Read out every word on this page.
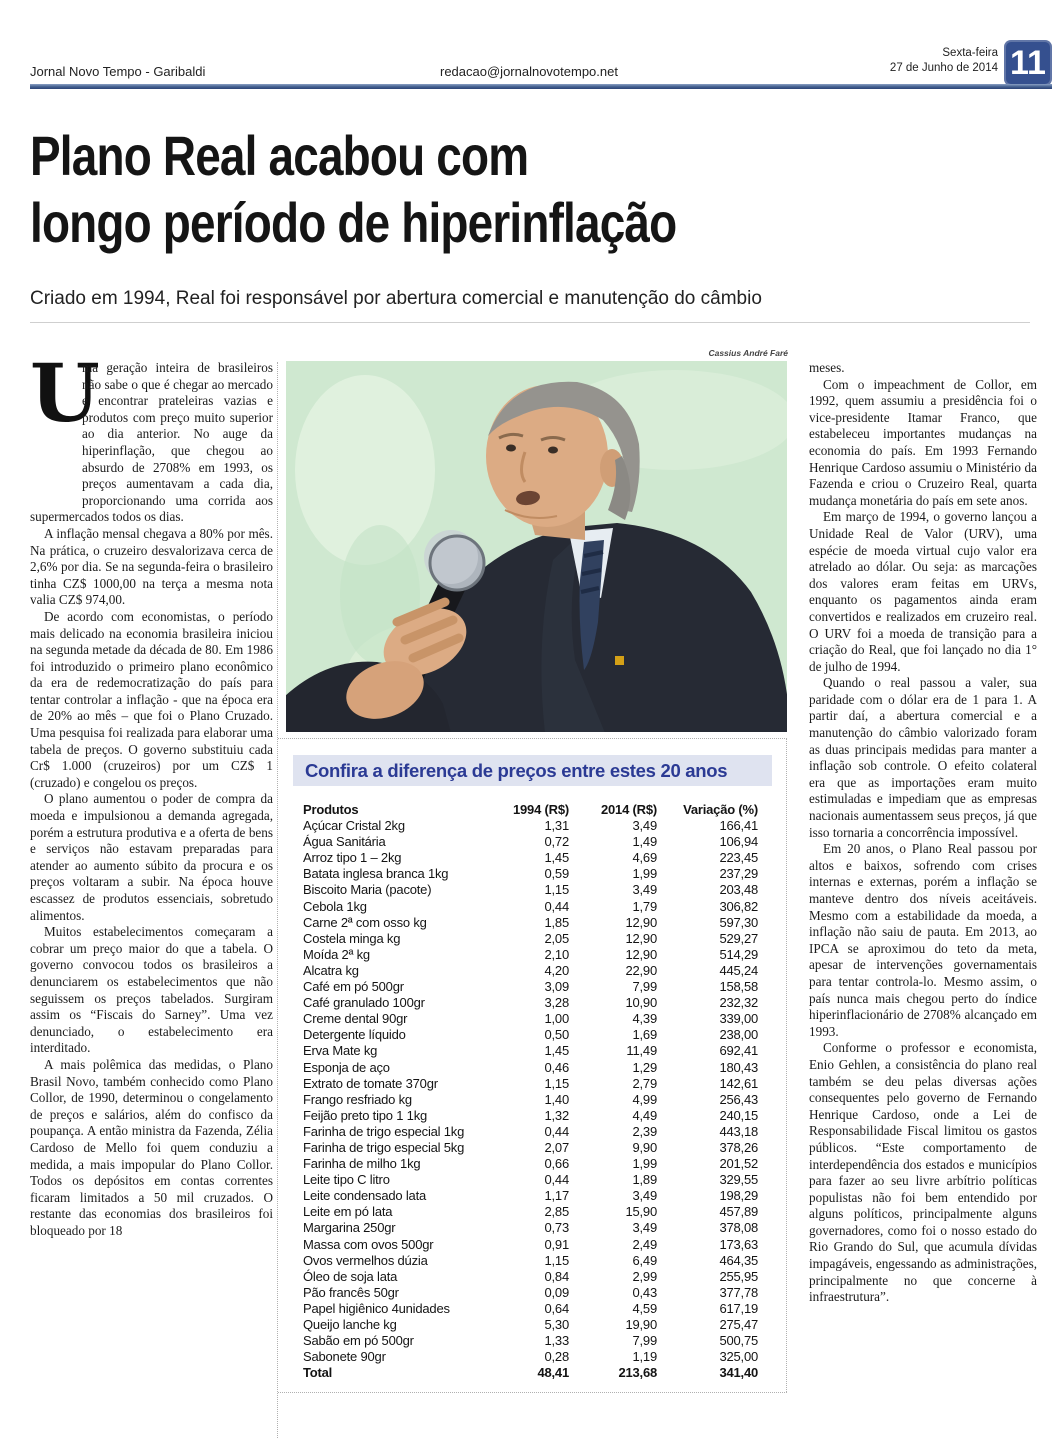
Jornal Novo Tempo - Garibaldi	redacao@jornalnovotempo.net
Sexta-feira
27 de Junho de 2014 11
Plano Real acabou com
longo período de hiperinflação
Criado em 1994, Real foi responsável por abertura comercial e manutenção do câmbio

U
ma geração inteira de brasileiros não sabe o que é chegar ao mercado e encontrar prateleiras vazias e produtos com preço muito superior ao dia anterior. No auge da hiperinflação, que chegou ao absurdo de 2708% em 1993, os preços aumentavam a cada dia, proporcionando uma corrida aos supermercados todos os dias.

A inflação mensal chegava a 80% por mês. Na prática, o cruzeiro desvalorizava cerca de 2,6% por dia. Se na segunda-feira o brasileiro tinha CZ$ 1000,00 na terça a mesma nota valia CZ$ 974,00.

De acordo com economistas, o período mais delicado na economia brasileira iniciou na segunda metade da década de 80. Em 1986 foi introduzido o primeiro plano econômico da era de redemocratização do país para tentar controlar a inflação - que na época era de 20% ao mês – que foi o Plano Cruzado. Uma pesquisa foi realizada para elaborar uma tabela de preços. O governo substituiu cada Cr$ 1.000 (cruzeiros) por um CZ$ 1 (cruzado) e congelou os preços.

O plano aumentou o poder de compra da moeda e impulsionou a demanda agregada, porém a estrutura produtiva e a oferta de bens e serviços não estavam preparadas para atender ao aumento súbito da procura e os preços voltaram a subir. Na época houve escassez de produtos essenciais, sobretudo alimentos.

Muitos estabelecimentos começaram a cobrar um preço maior do que a tabela. O governo convocou todos os brasileiros a denunciarem os estabelecimentos que não seguissem os preços tabelados. Surgiram assim os “Fiscais do Sarney”. Uma vez denunciado, o estabelecimento era interditado.

A mais polêmica das medidas, o Plano Brasil Novo, também conhecido como Plano Collor, de 1990, determinou o congelamento de preços e salários, além do confisco da poupança. A então ministra da Fazenda, Zélia Cardoso de Mello foi quem conduziu a medida, a mais impopular do Plano Collor. Todos os depósitos em contas correntes ficaram limitados a 50 mil cruzados. O restante das economias dos brasileiros foi bloqueado por 18

meses.

Com o impeachment de Collor, em 1992, quem assumiu a presidência foi o vice-presidente Itamar Franco, que estabeleceu importantes mudanças na economia do país. Em 1993 Fernando Henrique Cardoso assumiu o Ministério da Fazenda e criou o Cruzeiro Real, quarta mudança monetária do país em sete anos.

Em março de 1994, o governo lançou a Unidade Real de Valor (URV), uma espécie de moeda virtual cujo valor era atrelado ao dólar. Ou seja: as marcações dos valores eram feitas em URVs, enquanto os pagamentos ainda eram convertidos e realizados em cruzeiro real. O URV foi a moeda de transição para a criação do Real, que foi lançado no dia 1° de julho de 1994.

Quando o real passou a valer, sua paridade com o dólar era de 1 para 1. A partir daí, a abertura comercial e a manutenção do câmbio valorizado foram as duas principais medidas para manter a inflação sob controle. O efeito colateral era que as importações eram muito estimuladas e impediam que as empresas nacionais aumentassem seus preços, já que isso tornaria a concorrência impossível.

Em 20 anos, o Plano Real passou por altos e baixos, sofrendo com crises internas e externas, porém a inflação se manteve dentro dos níveis aceitáveis. Mesmo com a estabilidade da moeda, a inflação não saiu de pauta. Em 2013, ao IPCA se aproximou do teto da meta, apesar de intervenções governamentais para tentar controla-lo. Mesmo assim, o país nunca mais chegou perto do índice hiperinflacionário de 2708% alcançado em 1993.

Conforme o professor e economista, Enio Gehlen, a consistência do plano real também se deu pelas diversas ações consequentes pelo governo de Fernando Henrique Cardoso, onde a Lei de Responsabilidade Fiscal limitou os gastos públicos. “Este comportamento de interdependência dos estados e municípios para fazer ao seu livre arbítrio políticas populistas não foi bem entendido por alguns políticos, principalmente alguns governadores, como foi o nosso estado do Rio Grando do Sul, que acumula dívidas impagáveis, engessando as administrações, principalmente no que concerne à infraestrutura”.

Cassius André Faré
Confira a diferença de preços entre estes 20 anos
Produtos	1994 (R$)	2014 (R$)	Variação (%)
Açúcar Cristal 2kg	1,31	3,49	166,41
Água Sanitária	0,72	1,49	106,94
Arroz tipo 1 – 2kg	1,45	4,69	223,45
Batata inglesa branca 1kg	0,59	1,99	237,29
Biscoito Maria (pacote)	1,15	3,49	203,48
Cebola 1kg	0,44	1,79	306,82
Carne 2ª com osso kg	1,85	12,90	597,30
Costela minga kg	2,05	12,90	529,27
Moída 2ª kg	2,10	12,90	514,29
Alcatra kg	4,20	22,90	445,24
Café em pó 500gr	3,09	7,99	158,58
Café granulado 100gr	3,28	10,90	232,32
Creme dental 90gr	1,00	4,39	339,00
Detergente líquido	0,50	1,69	238,00
Erva Mate kg	1,45	11,49	692,41
Esponja de aço	0,46	1,29	180,43
Extrato de tomate 370gr	1,15	2,79	142,61
Frango resfriado kg	1,40	4,99	256,43
Feijão preto tipo 1 1kg	1,32	4,49	240,15
Farinha de trigo especial 1kg	0,44	2,39	443,18
Farinha de trigo especial 5kg	2,07	9,90	378,26
Farinha de milho 1kg	0,66	1,99	201,52
Leite tipo C litro	0,44	1,89	329,55
Leite condensado lata	1,17	3,49	198,29
Leite em pó lata	2,85	15,90	457,89
Margarina 250gr	0,73	3,49	378,08
Massa com ovos 500gr	0,91	2,49	173,63
Ovos vermelhos dúzia	1,15	6,49	464,35
Óleo de soja lata	0,84	2,99	255,95
Pão francês 50gr	0,09	0,43	377,78
Papel higiênico 4unidades	0,64	4,59	617,19
Queijo lanche kg	5,30	19,90	275,47
Sabão em pó 500gr	1,33	7,99	500,75
Sabonete 90gr	0,28	1,19	325,00
Total	48,41	213,68	341,40
